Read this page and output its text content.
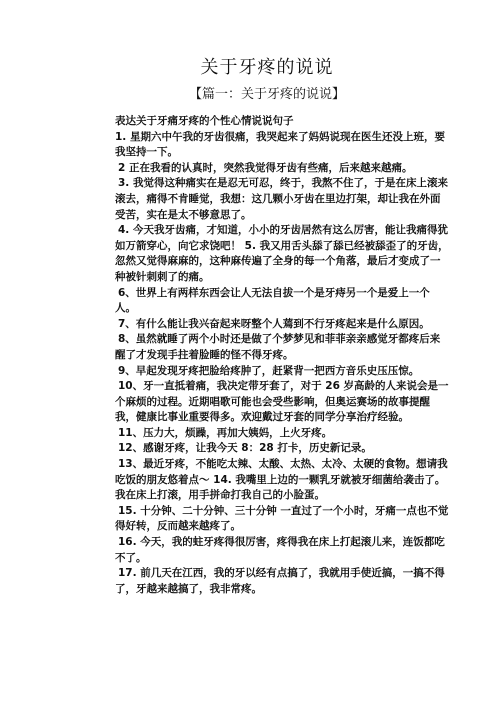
关于牙疼的说说
【篇一：关于牙疼的说说】

表达关于牙痛牙疼的个性心情说说句子

1. 星期六中午我的牙齿很痛，我哭起来了妈妈说现在医生还没上班，要我坚持一下。

2 正在我看的认真时，突然我觉得牙齿有些痛，后来越来越痛。

3. 我觉得这种痛实在是忍无可忍，终于，我熬不住了，于是在床上滚来滚去，痛得不肯睡觉，我想：这几颗小牙齿在里边打架，却让我在外面受苦，实在是太不够意思了。

4. 今天我牙齿痛，才知道，小小的牙齿居然有这么厉害，能让我痛得犹如万箭穿心，向它求饶吧！ 5. 我又用舌头舔了舔已经被舔歪了的牙齿，忽然又觉得麻麻的，这种麻传遍了全身的每一个角落，最后才变成了一种被针刺刺了的痛。

6、世界上有两样东西会让人无法自拔一个是牙痔另一个是爱上一个人。

7、有什么能让我兴奋起来呀整个人蔫到不行牙疼起来是什么原因。

8、虽然就睡了两个小时还是做了个梦梦见和菲菲亲亲感觉牙都疼后来醒了才发现手拄着脸睡的怪不得牙疼。

9、早起发现牙疼把脸给疼肿了，赶紧背一把西方音乐史压压惊。

10、牙一直抵着痛，我决定带牙套了，对于 26 岁高龄的人来说会是一个麻烦的过程。近期唱歌可能也会受些影响，但奥运赛场的故事提醒我，健康比事业重要得多。欢迎戴过牙套的同学分享治疗经验。

11、压力大，烦躁，再加大姨妈，上火牙疼。

12、感谢牙疼，让我今天 8：28 打卡，历史新记录。

13、最近牙疼，不能吃太辣、太酸、太热、太冷、太硬的食物。想请我吃饭的朋友悠着点～ 14. 我嘴里上边的一颗乳牙就被牙细菌给袭击了。我在床上打滚，用手拼命打我自己的小脸蛋。

15. 十分钟、二十分钟、三十分钟 一直过了一个小时，牙痛一点也不觉得好转，反而越来越疼了。

16. 今天，我的蛀牙疼得很厉害，疼得我在床上打起滚儿来，连饭都吃不了。

17. 前几天在江西，我的牙以经有点搞了，我就用手使近搞，一搞不得了，牙越来越搞了，我非常疼。
